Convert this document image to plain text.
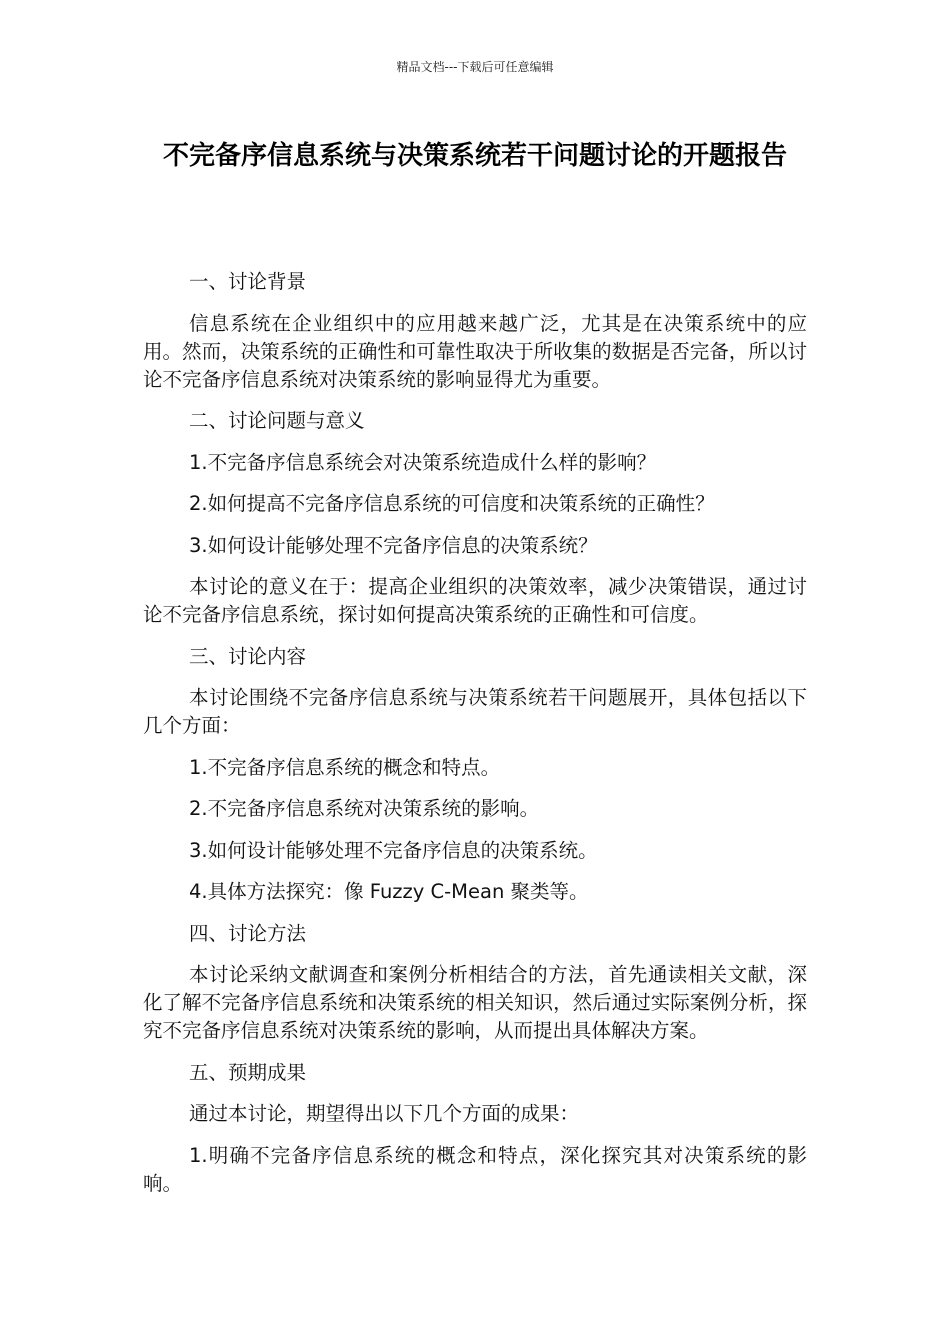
精品文档---下载后可任意编辑
不完备序信息系统与决策系统若干问题讨论的开题报告

一、讨论背景

信息系统在企业组织中的应用越来越广泛，尤其是在决策系统中的应用。然而，决策系统的正确性和可靠性取决于所收集的数据是否完备，所以讨论不完备序信息系统对决策系统的影响显得尤为重要。

二、讨论问题与意义

1.不完备序信息系统会对决策系统造成什么样的影响？

2.如何提高不完备序信息系统的可信度和决策系统的正确性？

3.如何设计能够处理不完备序信息的决策系统？

本讨论的意义在于：提高企业组织的决策效率，减少决策错误，通过讨论不完备序信息系统，探讨如何提高决策系统的正确性和可信度。

三、讨论内容

本讨论围绕不完备序信息系统与决策系统若干问题展开，具体包括以下几个方面：

1.不完备序信息系统的概念和特点。

2.不完备序信息系统对决策系统的影响。

3.如何设计能够处理不完备序信息的决策系统。

4.具体方法探究：像 Fuzzy C-Mean 聚类等。

四、讨论方法

本讨论采纳文献调查和案例分析相结合的方法，首先通读相关文献，深化了解不完备序信息系统和决策系统的相关知识，然后通过实际案例分析，探究不完备序信息系统对决策系统的影响，从而提出具体解决方案。

五、预期成果

通过本讨论，期望得出以下几个方面的成果：

1.明确不完备序信息系统的概念和特点，深化探究其对决策系统的影响。
